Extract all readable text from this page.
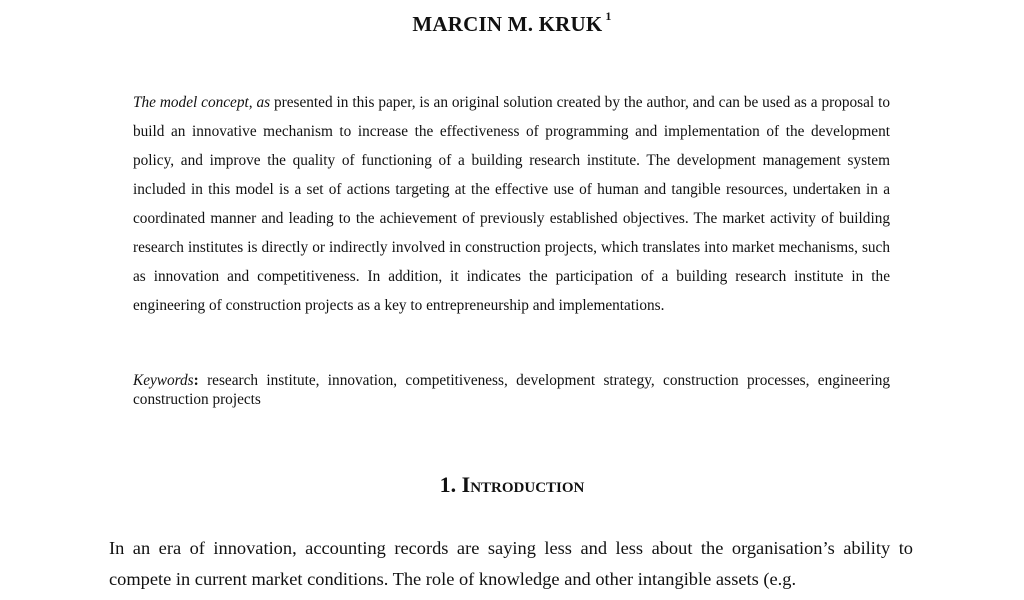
MARCIN M. KRUK $^1$

The model concept, as presented in this paper, is an original solution created by the author, and can be used as a proposal to build an innovative mechanism to increase the effectiveness of programming and implementation of the development policy, and improve the quality of functioning of a building research institute. The development management system included in this model is a set of actions targeting at the effective use of human and tangible resources, undertaken in a coordinated manner and leading to the achievement of previously established objectives. The market activity of building research institutes is directly or indirectly involved in construction projects, which translates into market mechanisms, such as innovation and competitiveness. In addition, it indicates the participation of a building research institute in the engineering of construction projects as a key to entrepreneurship and implementations.

Keywords: research institute, innovation, competitiveness, development strategy, construction processes, engineering construction projects

1. Introduction

In an era of innovation, accounting records are saying less and less about the organisation’s ability to compete in current market conditions. The role of knowledge and other intangible assets (e.g.
